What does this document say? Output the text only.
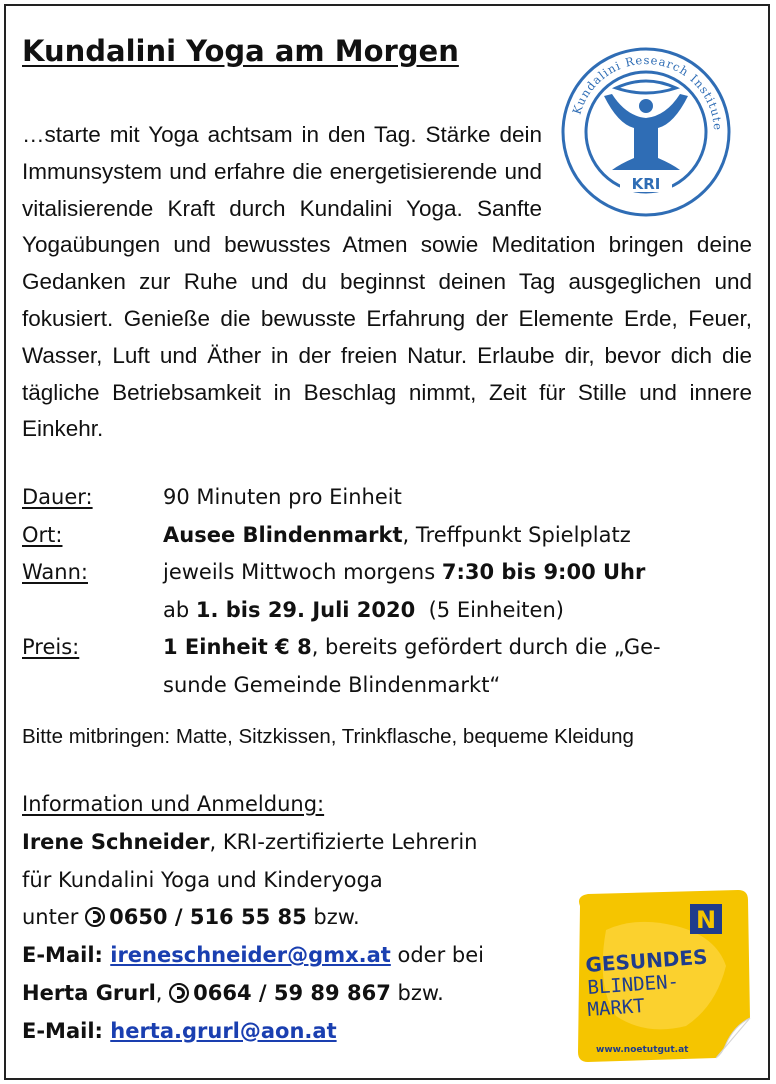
Kundalini Yoga am Morgen
Kundalini Research Institute
KRI

…starte mit Yoga achtsam in den Tag. Stärke dein Immunsystem und erfahre die energetisierende und vitalisierende Kraft durch Kundalini Yoga. Sanfte Yogaübungen und bewusstes Atmen sowie Meditation bringen deine Gedanken zur Ruhe und du beginnst deinen Tag ausgeglichen und fokusiert. Genieße die bewusste Erfahrung der Elemente Erde, Feuer, Wasser, Luft und Äther in der freien Natur. Erlaube dir, bevor dich die tägliche Betriebsamkeit in Beschlag nimmt, Zeit für Stille und innere Einkehr.

Dauer:	90 Minuten pro Einheit
Ort:	Ausee Blindenmarkt, Treffpunkt Spielplatz
Wann:	jeweils Mittwoch morgens 7:30 bis 9:00 Uhr
ab 1. bis 29. Juli 2020  (5 Einheiten)
Preis:	1 Einheit € 8, bereits gefördert durch die „Ge-
sunde Gemeinde Blindenmarkt“

Bitte mitbringen: Matte, Sitzkissen, Trinkflasche, bequeme Kleidung

Information und Anmeldung:
Irene Schneider, KRI-zertifizierte Lehrerin
für Kundalini Yoga und Kinderyoga
unter 0650 / 516 55 85 bzw.
E-Mail: ireneschneider@gmx.at oder bei
Herta Grurl, 0664 / 59 89 867 bzw.
E-Mail: herta.grurl@aon.at
N
GESUNDES
BLINDEN-
MARKT
www.noetutgut.at
